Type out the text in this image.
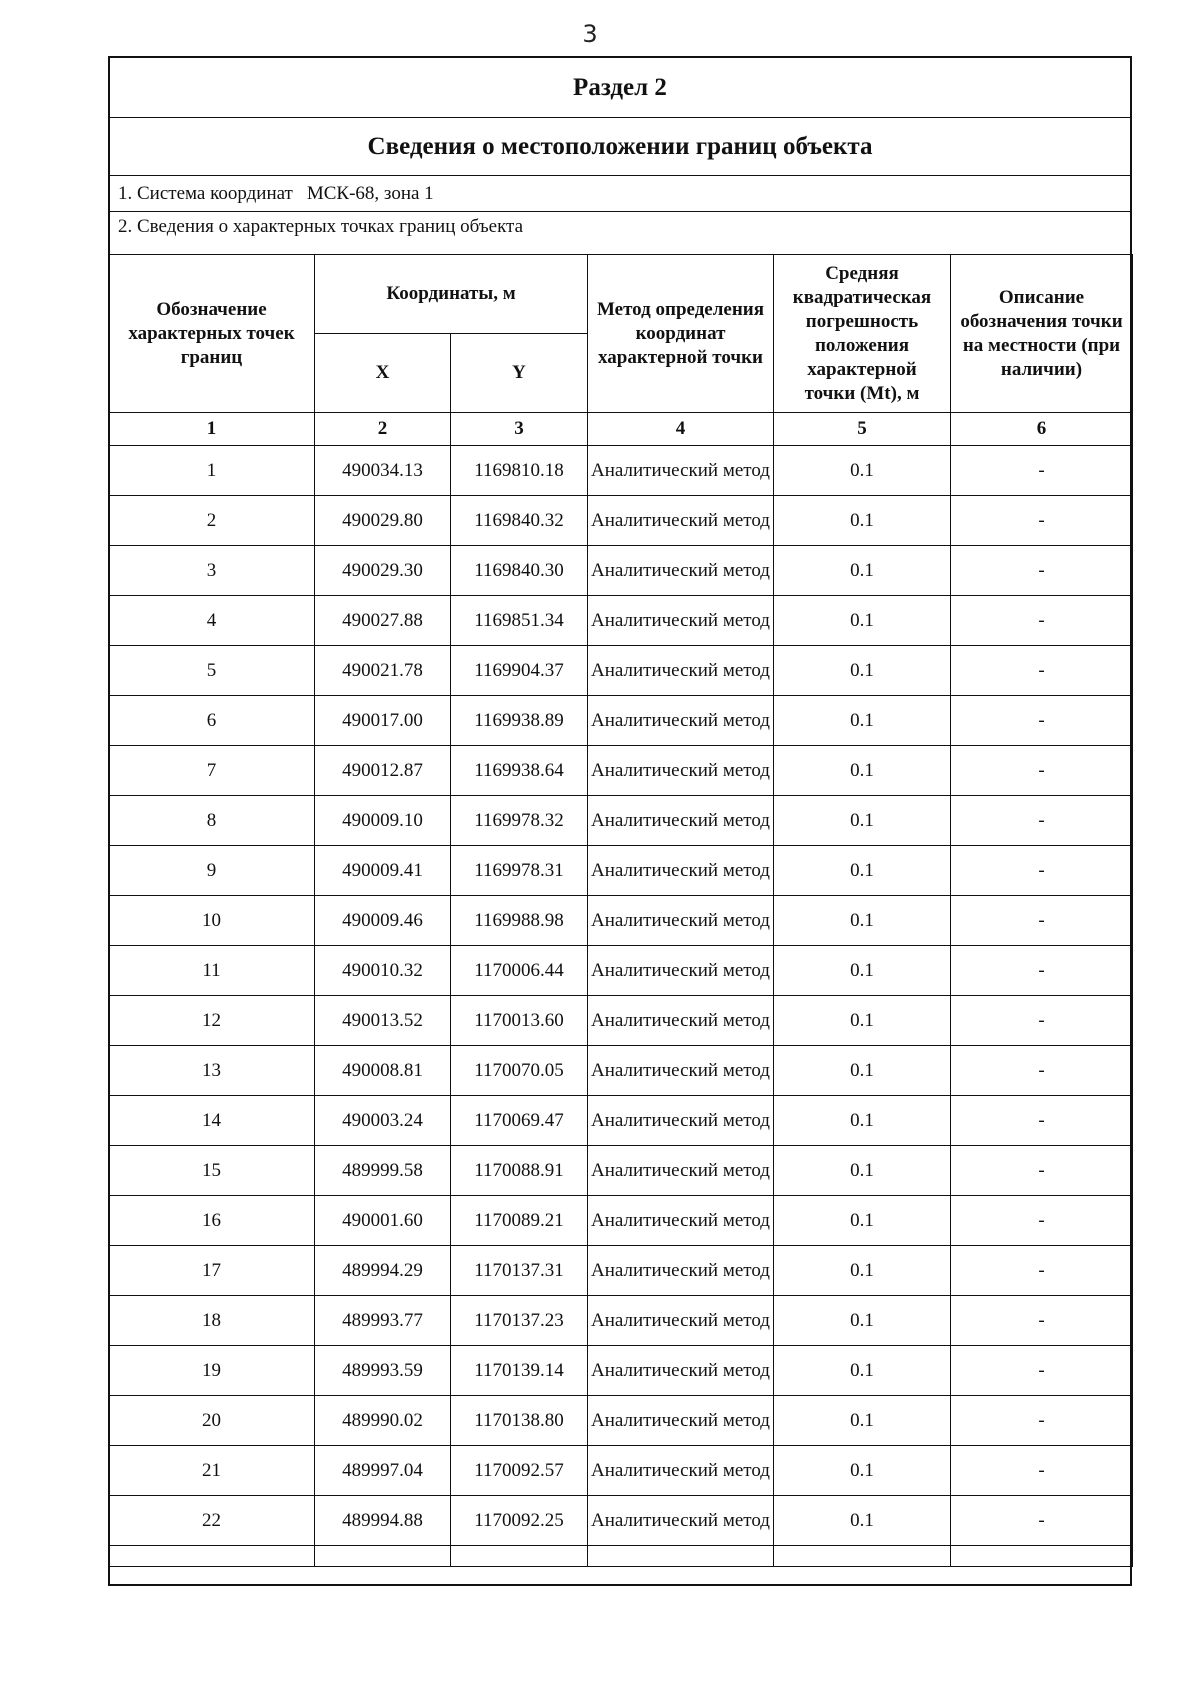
3
Раздел 2
Сведения о местоположении границ объекта
1. Система координат МСК-68, зона 1
2. Сведения о характерных точках границ объекта
Обозначение характерных точек границ	Координаты, м		Метод определения координат характерной точки	Средняя квадратическая погрешность положения характерной точки (Mt), м	Описание обозначения точки на местности (при наличии)
	X	Y			
1	2	3	4	5	6
1	490034.13	1169810.18	Аналитический метод	0.1	-
2	490029.80	1169840.32	Аналитический метод	0.1	-
3	490029.30	1169840.30	Аналитический метод	0.1	-
4	490027.88	1169851.34	Аналитический метод	0.1	-
5	490021.78	1169904.37	Аналитический метод	0.1	-
6	490017.00	1169938.89	Аналитический метод	0.1	-
7	490012.87	1169938.64	Аналитический метод	0.1	-
8	490009.10	1169978.32	Аналитический метод	0.1	-
9	490009.41	1169978.31	Аналитический метод	0.1	-
10	490009.46	1169988.98	Аналитический метод	0.1	-
11	490010.32	1170006.44	Аналитический метод	0.1	-
12	490013.52	1170013.60	Аналитический метод	0.1	-
13	490008.81	1170070.05	Аналитический метод	0.1	-
14	490003.24	1170069.47	Аналитический метод	0.1	-
15	489999.58	1170088.91	Аналитический метод	0.1	-
16	490001.60	1170089.21	Аналитический метод	0.1	-
17	489994.29	1170137.31	Аналитический метод	0.1	-
18	489993.77	1170137.23	Аналитический метод	0.1	-
19	489993.59	1170139.14	Аналитический метод	0.1	-
20	489990.02	1170138.80	Аналитический метод	0.1	-
21	489997.04	1170092.57	Аналитический метод	0.1	-
22	489994.88	1170092.25	Аналитический метод	0.1	-
